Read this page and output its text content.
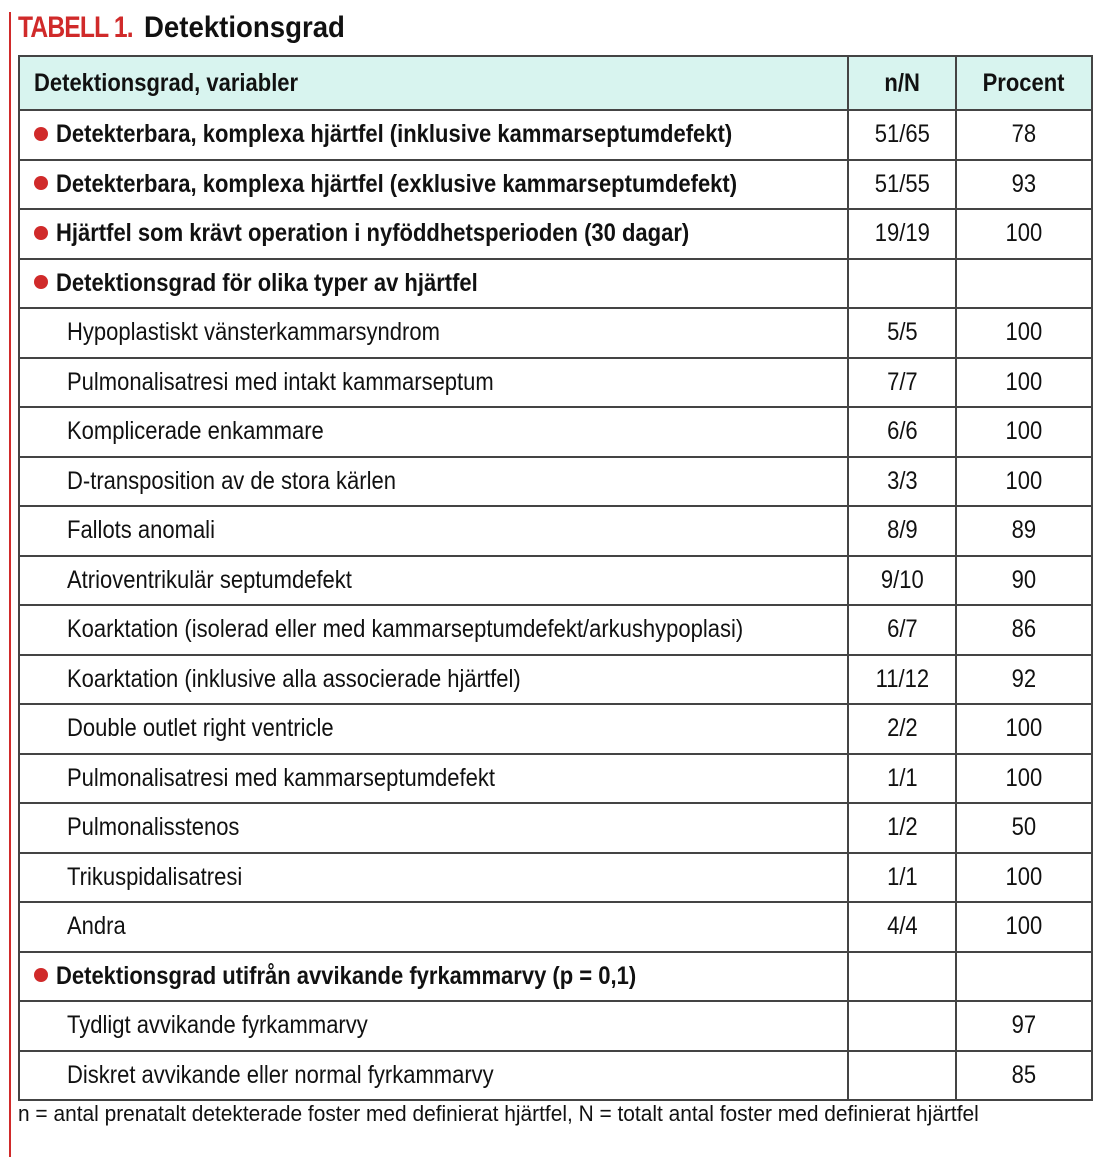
TABELL 1. Detektionsgrad
Detektionsgrad, variabler	n/N	Procent
Detekterbara, komplexa hjärtfel (inklusive kammarseptumdefekt)	51/65	78
Detekterbara, komplexa hjärtfel (exklusive kammarseptumdefekt)	51/55	93
Hjärtfel som krävt operation i nyföddhetsperioden (30 dagar)	19/19	100
Detektionsgrad för olika typer av hjärtfel		
Hypoplastiskt vänsterkammarsyndrom	5/5	100
Pulmonalisatresi med intakt kammarseptum	7/7	100
Komplicerade enkammare	6/6	100
D-transposition av de stora kärlen	3/3	100
Fallots anomali	8/9	89
Atrioventrikulär septumdefekt	9/10	90
Koarktation (isolerad eller med kammarseptumdefekt/arkushypoplasi)	6/7	86
Koarktation (inklusive alla associerade hjärtfel)	11/12	92
Double outlet right ventricle	2/2	100
Pulmonalisatresi med kammarseptumdefekt	1/1	100
Pulmonalisstenos	1/2	50
Trikuspidalisatresi	1/1	100
Andra	4/4	100
Detektionsgrad utifrån avvikande fyrkammarvy (p = 0,1)		
Tydligt avvikande fyrkammarvy		97
Diskret avvikande eller normal fyrkammarvy		85
n = antal prenatalt detekterade foster med definierat hjärtfel, N = totalt antal foster med definierat hjärtfel
